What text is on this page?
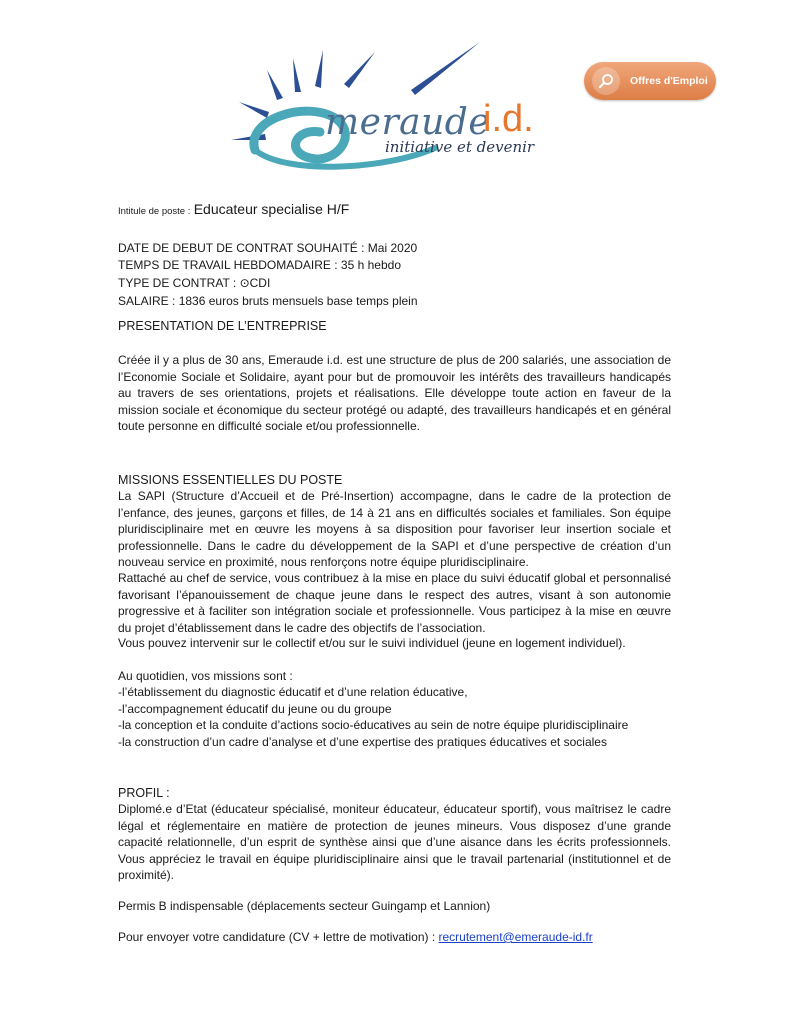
meraude
i.d.
initiative et devenir
Offres d'Emploi

Intitule de poste : Educateur specialise H/F

DATE DE DEBUT DE CONTRAT SOUHAITÉ : Mai 2020

TEMPS DE TRAVAIL HEBDOMADAIRE : 35 h hebdo

TYPE DE CONTRAT : ⊙CDI

SALAIRE : 1836 euros bruts mensuels base temps plein

PRESENTATION DE L’ENTREPRISE

Créée il y a plus de 30 ans, Emeraude i.d. est une structure de plus de 200 salariés, une association de l’Economie Sociale et Solidaire, ayant pour but de promouvoir les intérêts des travailleurs handicapés au travers de ses orientations, projets et réalisations. Elle développe toute action en faveur de la mission sociale et économique du secteur protégé ou adapté, des travailleurs handicapés et en général toute personne en difficulté sociale et/ou professionnelle.

MISSIONS ESSENTIELLES DU POSTE

La SAPI (Structure d’Accueil et de Pré-Insertion) accompagne, dans le cadre de la protection de l’enfance, des jeunes, garçons et filles, de 14 à 21 ans en difficultés sociales et familiales. Son équipe pluridisciplinaire met en œuvre les moyens à sa disposition pour favoriser leur insertion sociale et professionnelle. Dans le cadre du développement de la SAPI et d’une perspective de création d’un nouveau service en proximité, nous renforçons notre équipe pluridisciplinaire.

Rattaché au chef de service, vous contribuez à la mise en place du suivi éducatif global et personnalisé favorisant l’épanouissement de chaque jeune dans le respect des autres, visant à son autonomie progressive et à faciliter son intégration sociale et professionnelle. Vous participez à la mise en œuvre du projet d’établissement dans le cadre des objectifs de l’association.

Vous pouvez intervenir sur le collectif et/ou sur le suivi individuel (jeune en logement individuel).

Au quotidien, vos missions sont :

-l’établissement du diagnostic éducatif et d’une relation éducative,
-l’accompagnement éducatif du jeune ou du groupe
-la conception et la conduite d’actions socio-éducatives au sein de notre équipe pluridisciplinaire
-la construction d’un cadre d’analyse et d’une expertise des pratiques éducatives et sociales

PROFIL :

Diplomé.e d’Etat (éducateur spécialisé, moniteur éducateur, éducateur sportif), vous maîtrisez le cadre légal et réglementaire en matière de protection de jeunes mineurs. Vous disposez d’une grande capacité relationnelle, d’un esprit de synthèse ainsi que d’une aisance dans les écrits professionnels. Vous appréciez le travail en équipe pluridisciplinaire ainsi que le travail partenarial (institutionnel et de proximité).

Permis B indispensable (déplacements secteur Guingamp et Lannion)

Pour envoyer votre candidature (CV + lettre de motivation) : recrutement@emeraude-id.fr
